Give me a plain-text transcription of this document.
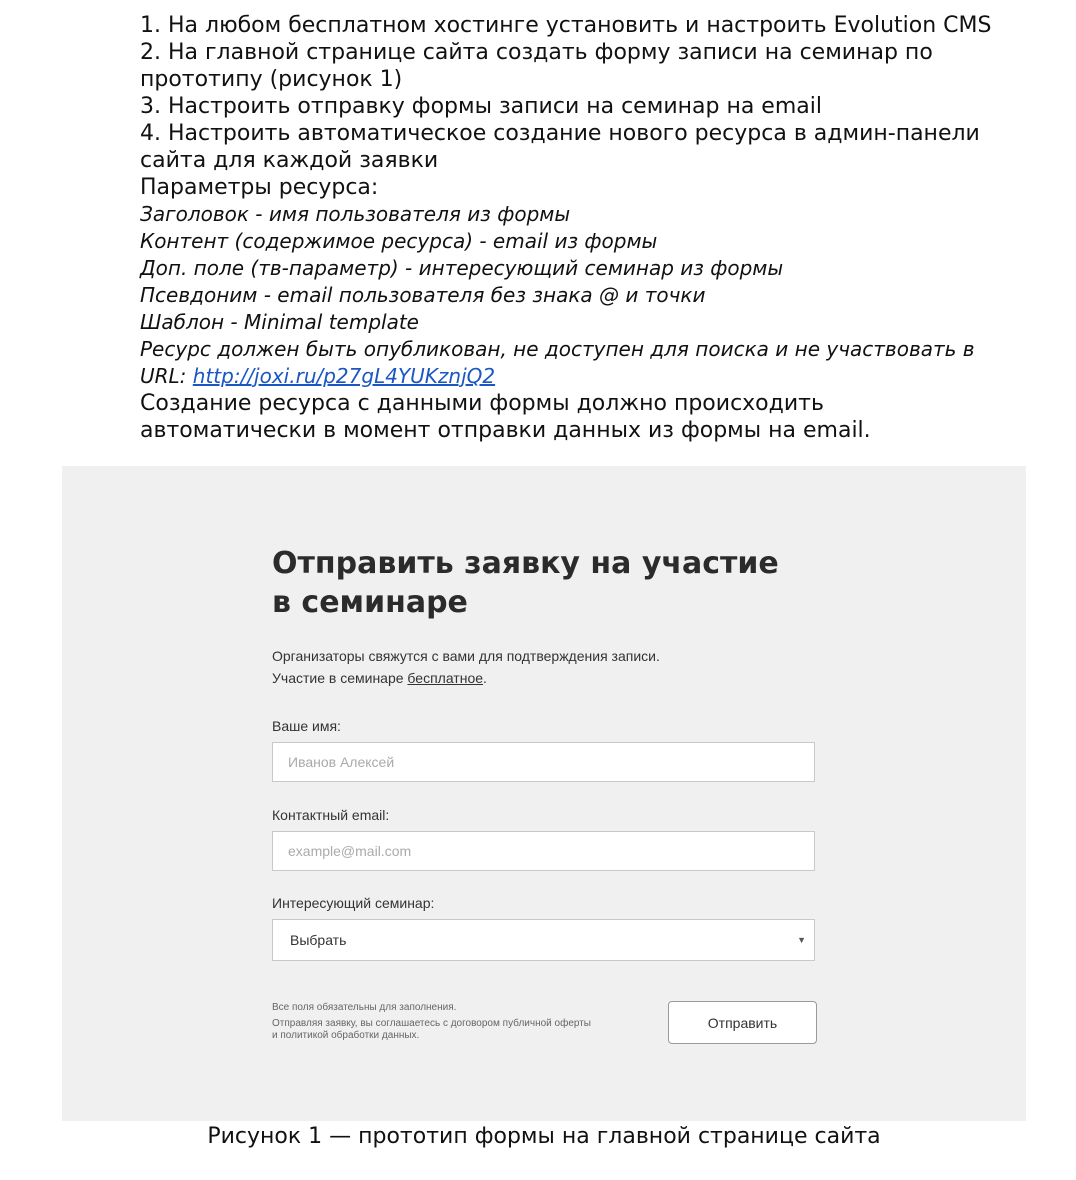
1. На любом бесплатном хостинге установить и настроить Evolution CMS

2. На главной странице сайта создать форму записи на семинар по

прототипу (рисунок 1)

3. Настроить отправку формы записи на семинар на email

4. Настроить автоматическое создание нового ресурса в админ-панели

сайта для каждой заявки

Параметры ресурса:

Заголовок - имя пользователя из формы

Контент (содержимое ресурса) - email из формы

Доп. поле (тв-параметр) - интересующий семинар из формы

Псевдоним - email пользователя без знака @ и точки

Шаблон - Minimal template

Ресурс должен быть опубликован, не доступен для поиска и не участвовать в

URL: http://joxi.ru/p27gL4YUKznjQ2

Создание ресурса с данными формы должно происходить

автоматически в момент отправки данных из формы на email.

Отправить заявку на участие
в семинаре

Организаторы свяжутся с вами для подтверждения записи.
Участие в семинаре бесплатное.

Ваше имя:

Иванов Алексей

Контактный email:

example@mail.com

Интересующий семинар:

Выбрать	▼

Все поля обязательны для заполнения.
Отправляя заявку, вы соглашаетесь с договором публичной оферты
и политикой обработки данных.

Отправить

Рисунок 1 — прототип формы на главной странице сайта
